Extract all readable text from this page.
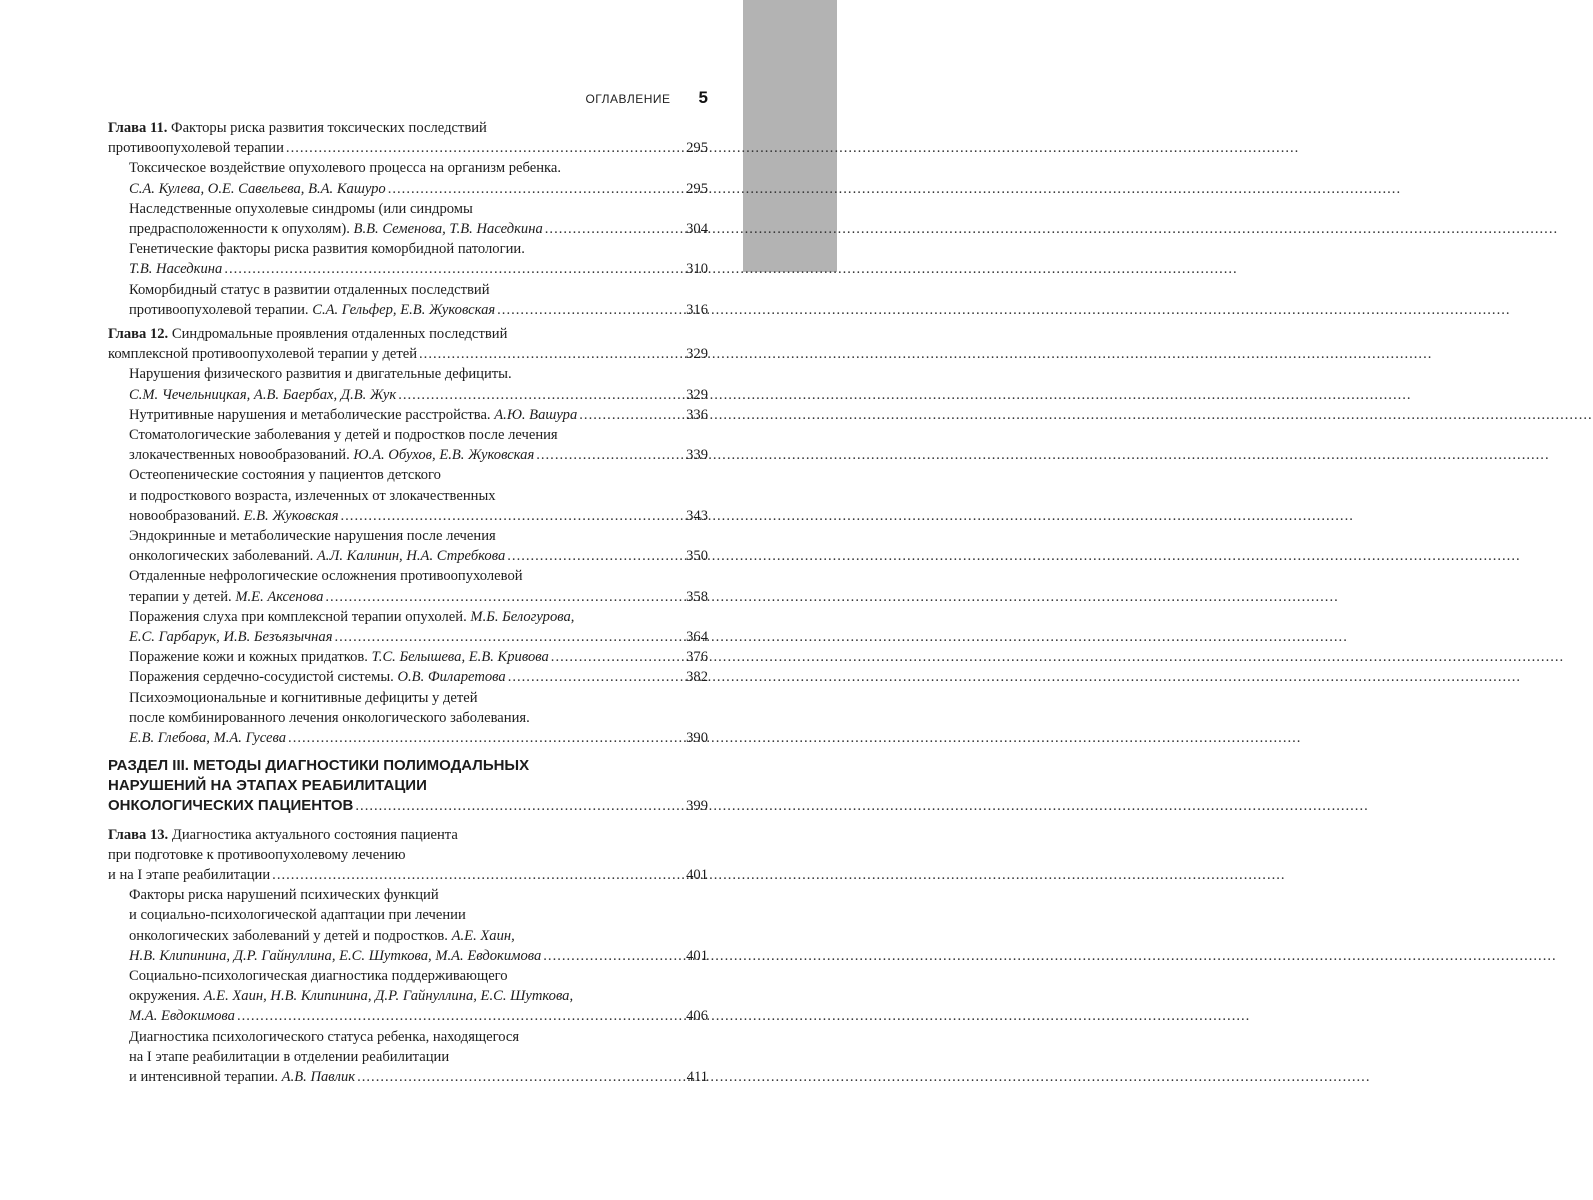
ОГЛАВЛЕНИЕ 5
Глава 11. Факторы риска развития токсических последствий
противоопухолевой терапии .....	295
Токсическое воздействие опухолевого процесса на организм ребенка.
С.А. Кулева, О.Е. Савельева, В.А. Кашуро .....	295
Наследственные опухолевые синдромы (или синдромы
предрасположенности к опухолям). В.В. Семенова, Т.В. Наседкина .....	304
Генетические факторы риска развития коморбидной патологии.
Т.В. Наседкина .....	310
Коморбидный статус в развитии отдаленных последствий
противоопухолевой терапии. С.А. Гельфер, Е.В. Жуковская .....	316
Глава 12. Синдромальные проявления отдаленных последствий
комплексной противоопухолевой терапии у детей .....	329
Нарушения физического развития и двигательные дефициты.
С.М. Чечельницкая, А.В. Баербах, Д.В. Жук .....	329
Нутритивные нарушения и метаболические расстройства. А.Ю. Вашура .....	336
Стоматологические заболевания у детей и подростков после лечения
злокачественных новообразований. Ю.А. Обухов, Е.В. Жуковская .....	339
Остеопенические состояния у пациентов детского
и подросткового возраста, излеченных от злокачественных
новообразований. Е.В. Жуковская .....	343
Эндокринные и метаболические нарушения после лечения
онкологических заболеваний. А.Л. Калинин, Н.А. Стребкова .....	350
Отдаленные нефрологические осложнения противоопухолевой
терапии у детей. М.Е. Аксенова .....	358
Поражения слуха при комплексной терапии опухолей. М.Б. Белогурова,
Е.С. Гарбарук, И.В. Безъязычная .....	364
Поражение кожи и кожных придатков. Т.С. Белышева, Е.В. Кривова .....	376
Поражения сердечно-сосудистой системы. О.В. Филаретова .....	382
Психоэмоциональные и когнитивные дефициты у детей
после комбинированного лечения онкологического заболевания.
Е.В. Глебова, М.А. Гусева .....	390
РАЗДЕЛ III. МЕТОДЫ ДИАГНОСТИКИ ПОЛИМОДАЛЬНЫХ
НАРУШЕНИЙ НА ЭТАПАХ РЕАБИЛИТАЦИИ
ОНКОЛОГИЧЕСКИХ ПАЦИЕНТОВ .....	399
Глава 13. Диагностика актуального состояния пациента
при подготовке к противоопухолевому лечению
и на I этапе реабилитации .....	401
Факторы риска нарушений психических функций
и социально-психологической адаптации при лечении
онкологических заболеваний у детей и подростков. А.Е. Хаин,
Н.В. Клипинина, Д.Р. Гайнуллина, Е.С. Шуткова, М.А. Евдокимова .....	401
Социально-психологическая диагностика поддерживающего
окружения. А.Е. Хаин, Н.В. Клипинина, Д.Р. Гайнуллина, Е.С. Шуткова,
М.А. Евдокимова .....	406
Диагностика психологического статуса ребенка, находящегося
на I этапе реабилитации в отделении реабилитации
и интенсивной терапии. А.В. Павлик .....	411
